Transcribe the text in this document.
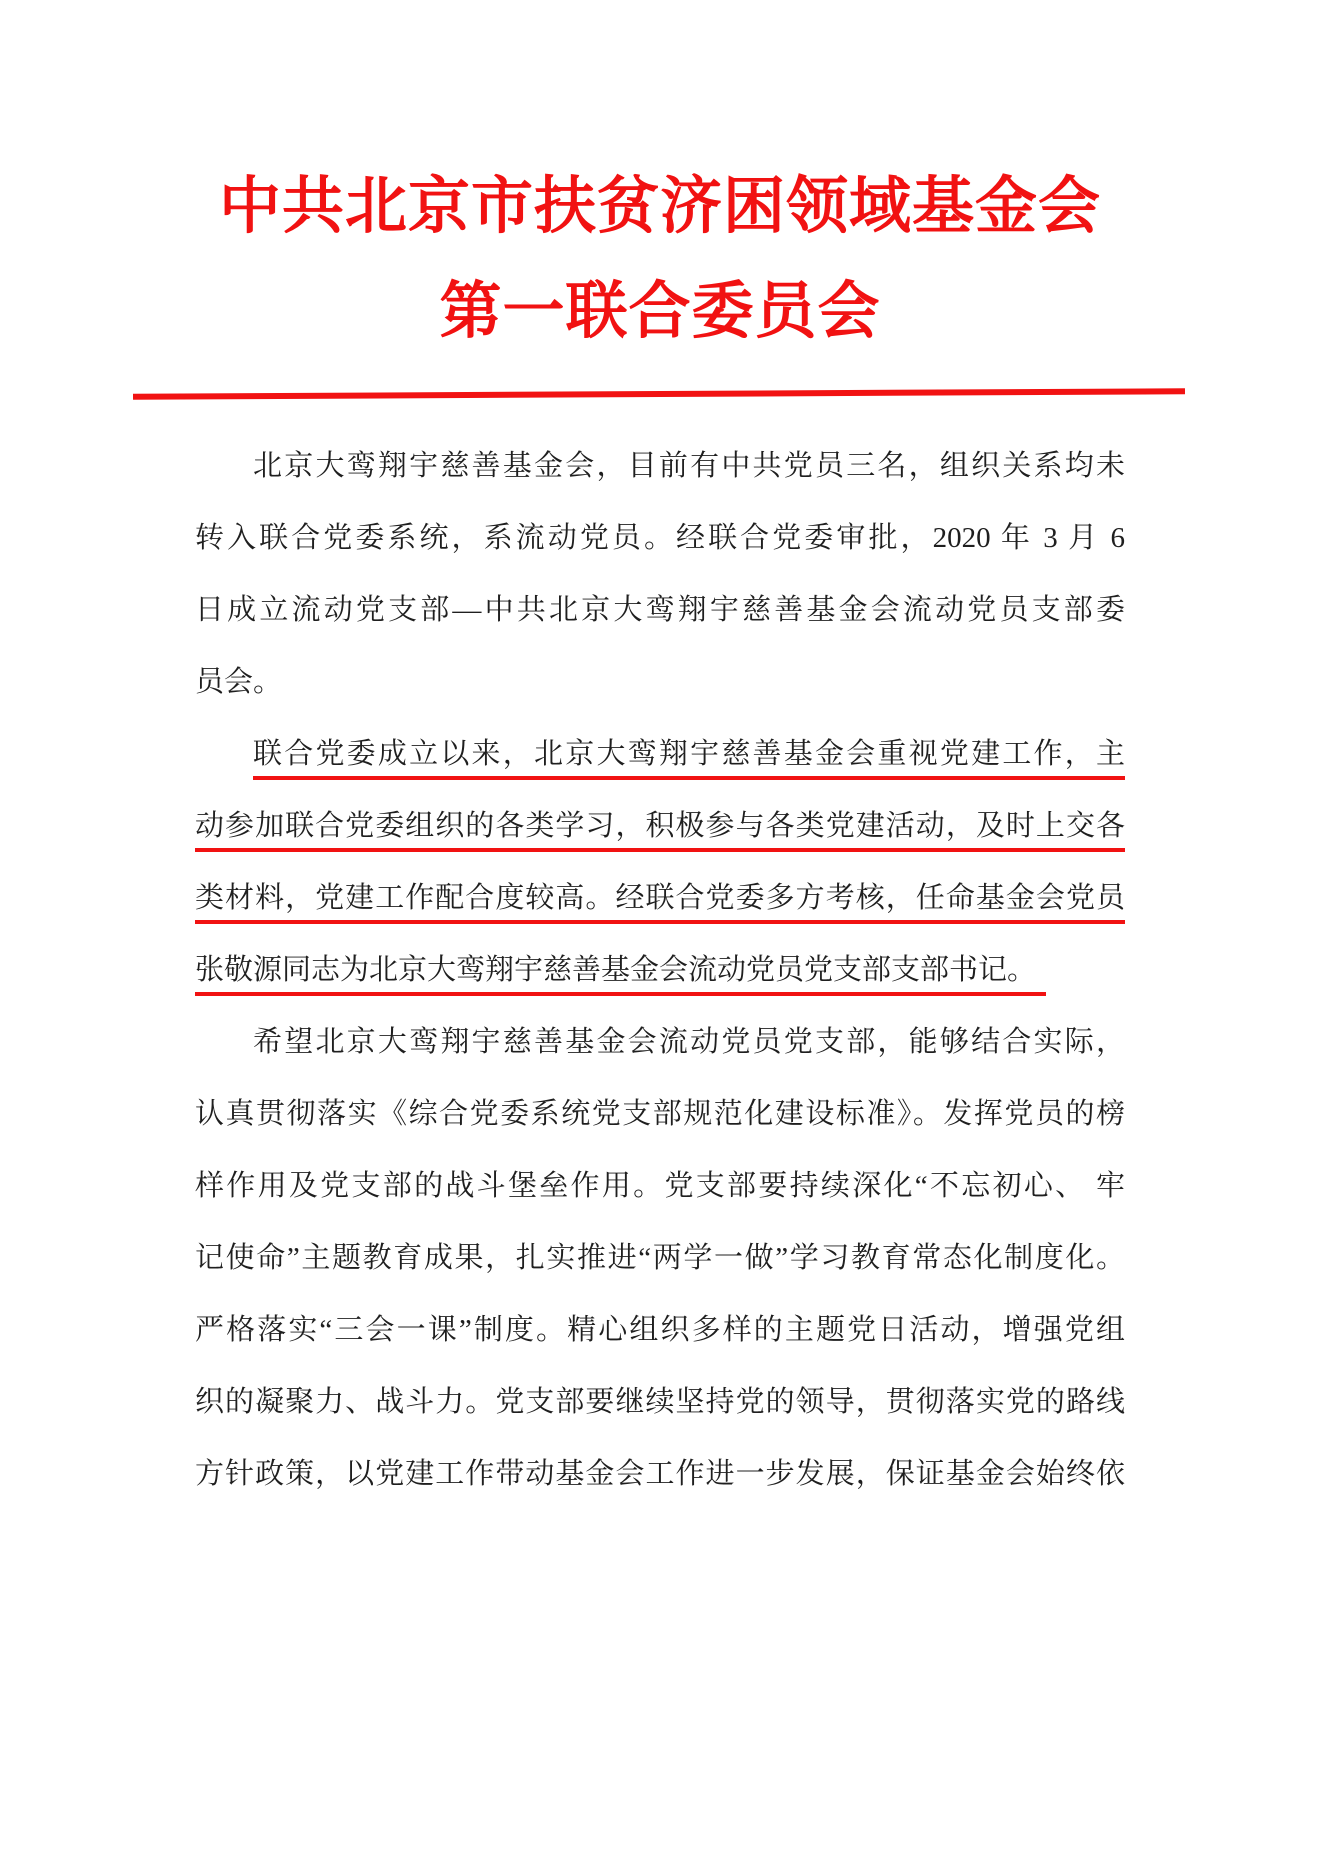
中共北京市扶贫济困领域基金会
第一联合委员会

北京大鸾翔宇慈善基金会，目前有中共党员三名，组织关系均未

转入联合党委系统，系流动党员。经联合党委审批，2020 年 3 月 6

日成立流动党支部—中共北京大鸾翔宇慈善基金会流动党员支部委

员会。

联合党委成立以来，北京大鸾翔宇慈善基金会重视党建工作，主

动参加联合党委组织的各类学习，积极参与各类党建活动，及时上交各

类材料，党建工作配合度较高。经联合党委多方考核，任命基金会党员

张敬源同志为北京大鸾翔宇慈善基金会流动党员党支部支部书记。

希望北京大鸾翔宇慈善基金会流动党员党支部，能够结合实际，

认真贯彻落实《综合党委系统党支部规范化建设标准》。发挥党员的榜

样作用及党支部的战斗堡垒作用。党支部要持续深化“不忘初心、 牢

记使命”主题教育成果，扎实推进“两学一做”学习教育常态化制度化。

严格落实“三会一课”制度。精心组织多样的主题党日活动，增强党组

织的凝聚力、战斗力。党支部要继续坚持党的领导，贯彻落实党的路线

方针政策，以党建工作带动基金会工作进一步发展，保证基金会始终依
